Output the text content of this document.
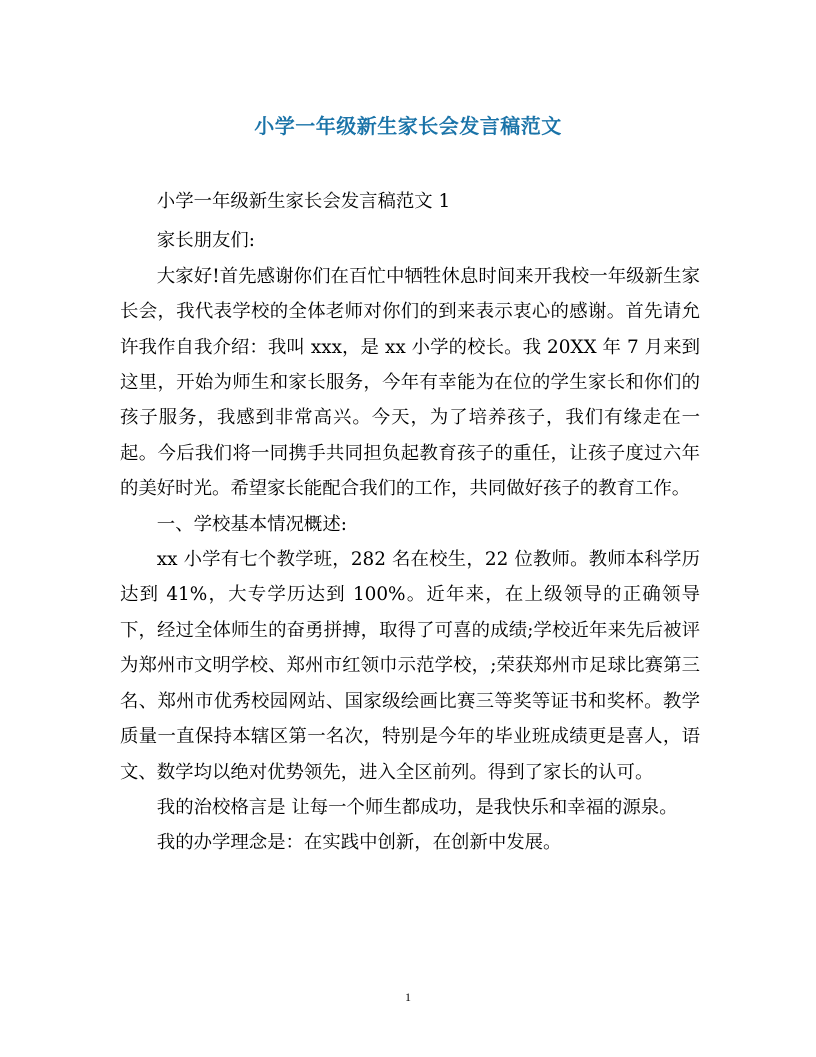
小学一年级新生家长会发言稿范文

小学一年级新生家长会发言稿范文 1

家长朋友们:

大家好!首先感谢你们在百忙中牺牲休息时间来开我校一年级新生家长会，我代表学校的全体老师对你们的到来表示衷心的感谢。首先请允许我作自我介绍：我叫 xxx，是 xx 小学的校长。我 20XX 年 7 月来到这里，开始为师生和家长服务，今年有幸能为在位的学生家长和你们的孩子服务，我感到非常高兴。今天，为了培养孩子，我们有缘走在一起。今后我们将一同携手共同担负起教育孩子的重任，让孩子度过六年的美好时光。希望家长能配合我们的工作，共同做好孩子的教育工作。

一、学校基本情况概述:

xx 小学有七个教学班，282 名在校生，22 位教师。教师本科学历达到 41%，大专学历达到 100%。近年来，在上级领导的正确领导下，经过全体师生的奋勇拼搏，取得了可喜的成绩;学校近年来先后被评为郑州市文明学校、郑州市红领巾示范学校，;荣获郑州市足球比赛第三名、郑州市优秀校园网站、国家级绘画比赛三等奖等证书和奖杯。教学质量一直保持本辖区第一名次，特别是今年的毕业班成绩更是喜人，语文、数学均以绝对优势领先，进入全区前列。得到了家长的认可。

我的治校格言是 让每一个师生都成功，是我快乐和幸福的源泉。

我的办学理念是：在实践中创新，在创新中发展。

1
